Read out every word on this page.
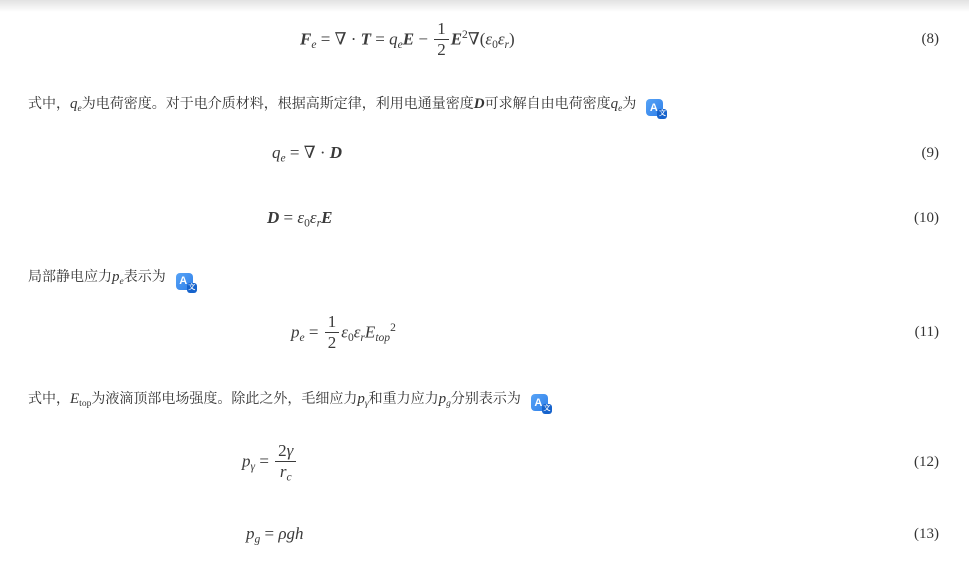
$F_e$ = ∇ · $T = q_eE - \frac{1}{2} E^2\nabla(\varepsilon_0\varepsilon_r)$	(8)

式中，$q_e$为电荷密度。对于电介质材料，根据高斯定律，利用电通量密度D可求解自由电荷密度$q_e$为 A 文

$q_e$ = ∇ · D	(9)
$D = \varepsilon_0\varepsilon_rE$	(10)

局部静电应力$p_e$表示为 A 文

$p_e = \frac{1}{2} \varepsilon_0\varepsilon_rE_{top}^2$	(11)

式中，$E_{top}$为液滴顶部电场强度。除此之外，毛细应力$p_\gamma$和重力应力$p_g$分别表示为 A 文

$p_\gamma = \frac{2\gamma}{r_c}$	(12)
$p_g = \rho gh$	(13)
